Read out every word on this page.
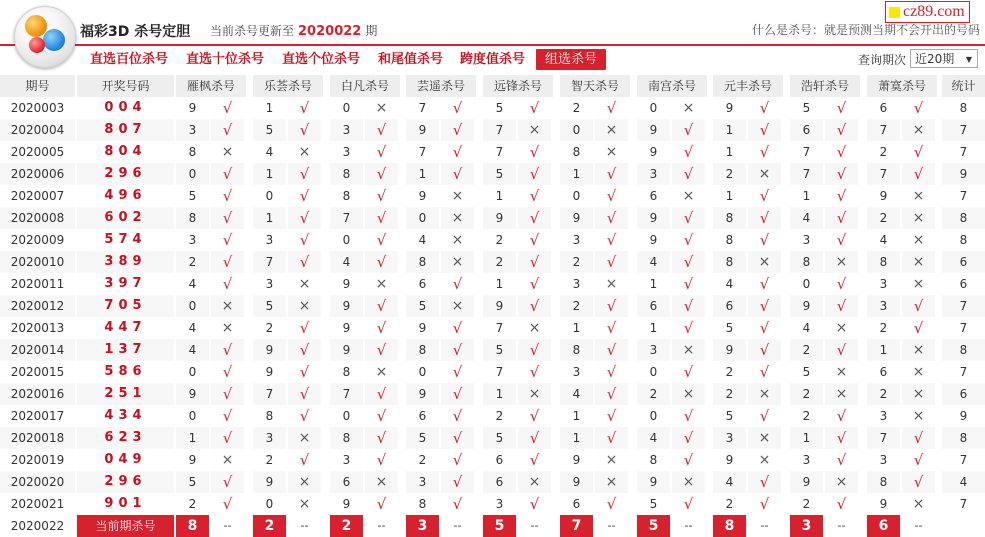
福彩3D 杀号定胆 当前杀号更新至 2020022 期	什么是杀号：就是预测当期不会开出的号码
cz89.com
直选百位杀号 直选十位杀号 直选个位杀号 和尾值杀号 跨度值杀号	组选杀号	查询期次 近20期 ▼
期号	开奖号码	雁枫杀号	乐荟杀号	白凡杀号	芸遥杀号	远锋杀号	智天杀号	南宫杀号	元丰杀号	浩轩杀号	萧寞杀号	统计
2020003	004	9	√	1	√	0	×	7	√	5	√	2	√	0	×	9	√	5	√	6	√	8
2020004	807	3	√	5	√	3	√	9	√	7	×	0	×	9	√	1	√	6	√	7	×	7
2020005	804	8	×	4	×	3	√	7	√	7	√	8	×	9	√	1	√	7	√	2	√	7
2020006	296	0	√	1	√	8	√	1	√	5	√	1	√	3	√	2	×	7	√	7	√	9
2020007	496	5	√	0	√	8	√	9	×	1	√	0	√	6	×	1	√	1	√	9	×	7
2020008	602	8	√	1	√	7	√	0	×	9	√	9	√	9	√	8	√	4	√	2	×	8
2020009	574	3	√	3	√	0	√	4	×	2	√	3	√	9	√	8	√	3	√	4	×	8
2020010	389	2	√	7	√	4	√	8	×	2	√	2	√	4	√	8	×	8	×	8	×	6
2020011	397	4	√	3	×	9	×	6	√	1	√	3	×	1	√	4	√	0	√	3	×	6
2020012	705	0	×	5	×	9	√	5	×	9	√	2	√	6	√	6	√	9	√	3	√	7
2020013	447	4	×	2	√	9	√	9	√	7	×	1	√	1	√	5	√	4	×	2	√	7
2020014	137	4	√	9	√	9	√	8	√	5	√	8	√	3	×	9	√	2	√	1	×	8
2020015	586	0	√	9	√	8	×	0	√	7	√	3	√	0	√	2	√	5	×	6	×	7
2020016	251	9	√	7	√	7	√	9	√	1	×	4	√	2	×	2	×	2	×	2	×	6
2020017	434	0	√	8	√	0	√	6	√	2	√	1	√	0	√	5	√	2	√	3	×	9
2020018	623	1	√	3	×	8	√	5	√	5	√	1	√	4	√	3	×	1	√	7	√	8
2020019	049	9	×	2	√	3	√	2	√	6	√	9	×	8	√	9	×	3	√	3	√	7
2020020	296	5	√	9	×	6	×	3	√	6	×	9	×	9	×	4	√	9	×	8	√	4
2020021	901	2	√	0	×	9	√	8	√	3	√	6	√	5	√	2	√	2	√	9	×	7
2020022	当前期杀号	8	--	2	--	2	--	3	--	5	--	7	--	5	--	8	--	3	--	6	--
